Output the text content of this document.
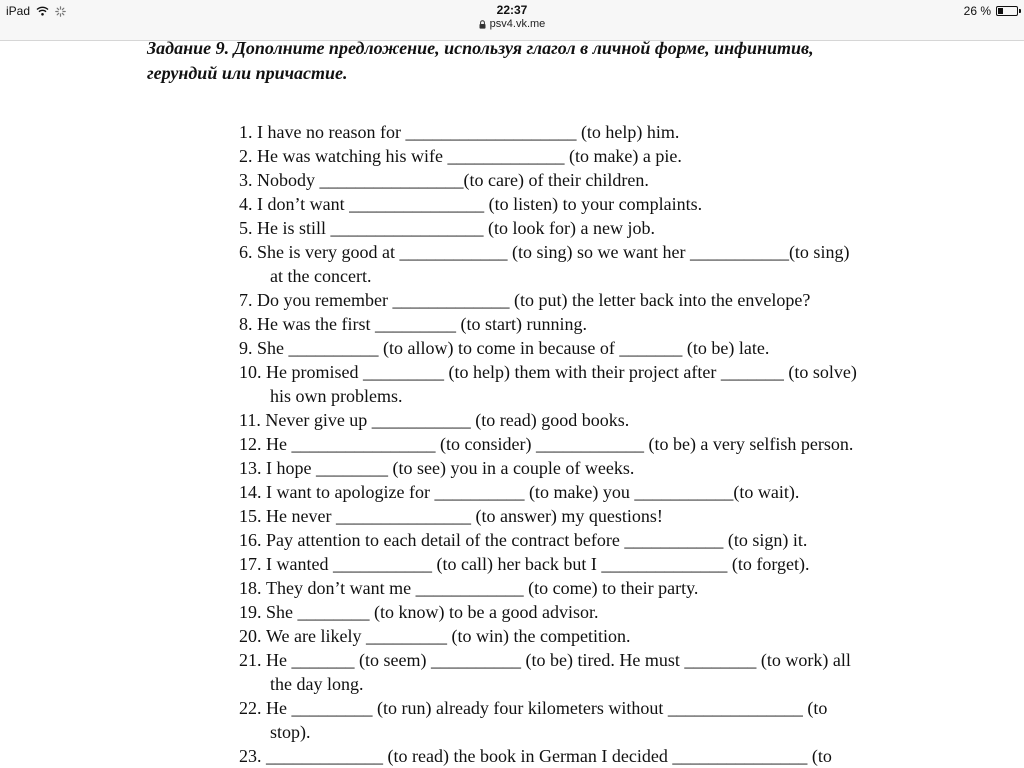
iPad	22:37
psv4.vk.me
26 %
Задание 9. Дополните предложение, используя глагол в личной форме, инфинитив,
герундий или причастие.
1. I have no reason for ___________________ (to help) him.
2. He was watching his wife _____________ (to make) a pie.
3. Nobody ________________(to care) of their children.
4. I don’t want _______________ (to listen) to your complaints.
5. He is still _________________ (to look for) a new job.
6. She is very good at ____________ (to sing) so we want her ___________(to sing)
at the concert.
7. Do you remember _____________ (to put) the letter back into the envelope?
8. He was the first _________ (to start) running.
9. She __________ (to allow) to come in because of _______ (to be) late.
10. He promised _________ (to help) them with their project after _______ (to solve)
his own problems.
11. Never give up ___________ (to read) good books.
12. He ________________ (to consider) ____________ (to be) a very selfish person.
13. I hope ________ (to see) you in a couple of weeks.
14. I want to apologize for __________ (to make) you ___________(to wait).
15. He never _______________ (to answer) my questions!
16. Pay attention to each detail of the contract before ___________ (to sign) it.
17. I wanted ___________ (to call) her back but I ______________ (to forget).
18. They don’t want me ____________ (to come) to their party.
19. She ________ (to know) to be a good advisor.
20. We are likely _________ (to win) the competition.
21. He _______ (to seem) __________ (to be) tired. He must ________ (to work) all
the day long.
22. He _________ (to run) already four kilometers without _______________ (to
stop).
23. _____________ (to read) the book in German I decided _______________ (to
